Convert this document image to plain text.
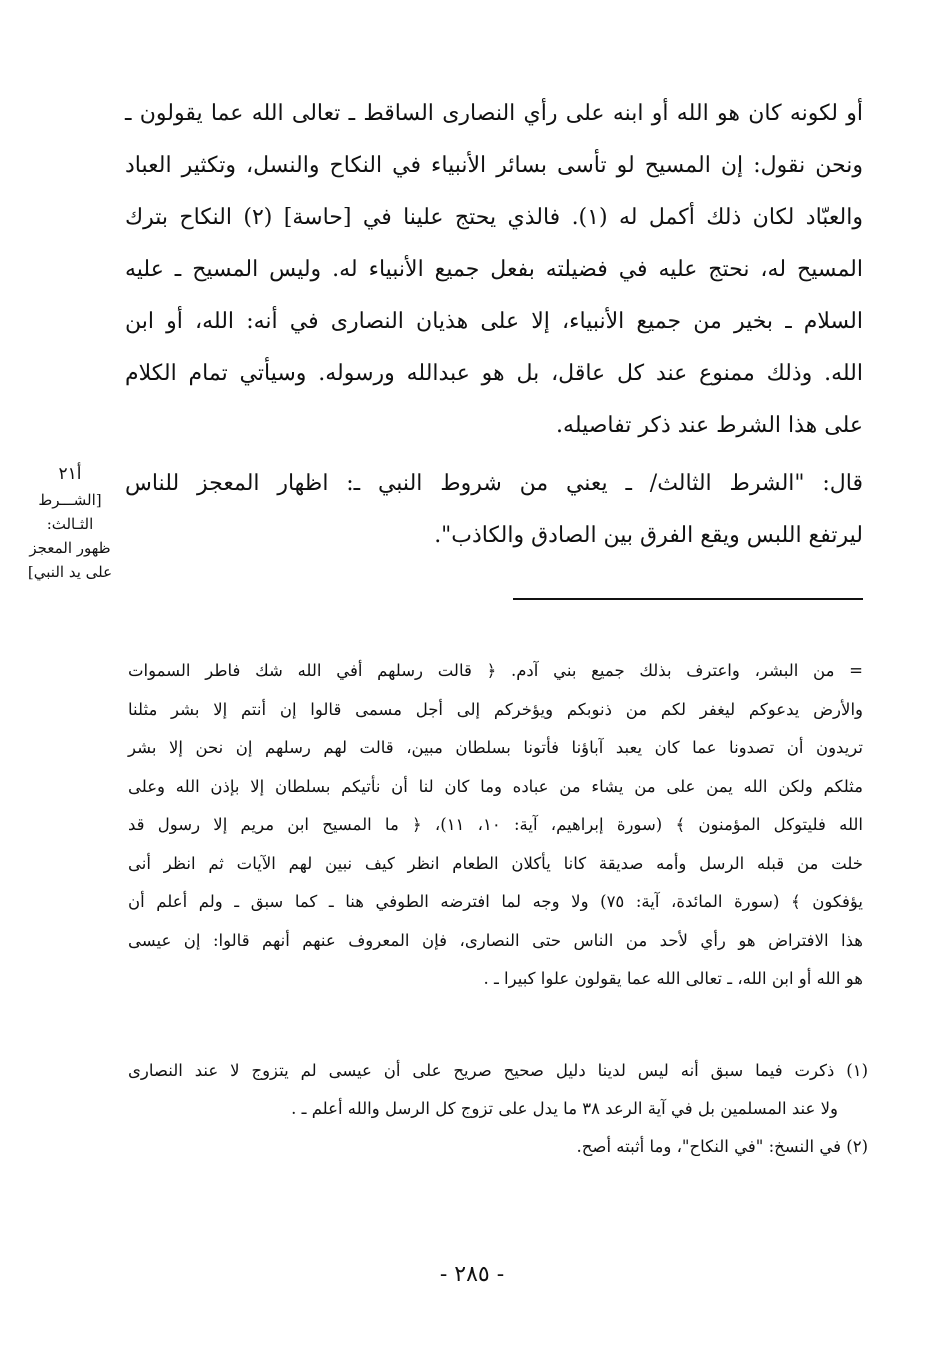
أو لكونه كان هو الله أو ابنه على رأي النصارى الساقط ـ تعالى الله عما يقولون ـ
ونحن نقول: إن المسيح لو تأسى بسائر الأنبياء في النكاح والنسل، وتكثير العباد
والعبّاد لكان ذلك أكمل له (١). فالذي يحتج علينا في [حاسة] (٢) النكاح بترك
المسيح له، نحتج عليه في فضيلته بفعل جميع الأنبياء له. وليس المسيح ـ عليه
السلام ـ بخير من جميع الأنبياء، إلا على هذيان النصارى في أنه: الله، أو ابن
الله. وذلك ممنوع عند كل عاقل، بل هو عبدالله ورسوله. وسيأتي تمام الكلام
على هذا الشرط عند ذكر تفاصيله.

قال: "الشرط الثالث/ ـ يعني من شروط النبي ـ: اظهار المعجز للناس
ليرتفع اللبس ويقع الفرق بين الصادق والكاذب".

أ٢١
[الشـــرط
الثـالث:
ظهور المعجز
على يد النبي]
= من البشر، واعترف بذلك جميع بني آدم. ﴿ قالت رسلهم أفي الله شك فاطر السموات
والأرض يدعوكم ليغفر لكم من ذنوبكم ويؤخركم إلى أجل مسمى قالوا إن أنتم إلا بشر مثلنا
تريدون أن تصدونا عما كان يعبد آباؤنا فأتونا بسلطان مبين، قالت لهم رسلهم إن نحن إلا بشر
مثلكم ولكن الله يمن على من يشاء من عباده وما كان لنا أن نأتيكم بسلطان إلا بإذن الله وعلى
الله فليتوكل المؤمنون ﴾ (سورة إبراهيم، آية: ١٠، ١١)، ﴿ ما المسيح ابن مريم إلا رسول قد
خلت من قبله الرسل وأمه صديقة كانا يأكلان الطعام انظر كيف نبين لهم الآيات ثم انظر أنى
يؤفكون ﴾ (سورة المائدة، آية: ٧٥) ولا وجه لما افترضه الطوفي هنا ـ كما سبق ـ ولم أعلم أن
هذا الافتراض هو رأي لأحد من الناس حتى النصارى، فإن المعروف عنهم أنهم قالوا: إن عيسى
هو الله أو ابن الله، ـ تعالى الله عما يقولون علوا كبيرا ـ .
(١) ذكرت فيما سبق أنه ليس لدينا دليل صحيح صريح على أن عيسى لم يتزوج لا عند النصارى
ولا عند المسلمين بل في آية الرعد ٣٨ ما يدل على تزوج كل الرسل والله أعلم ـ .
(٢) في النسخ: "في النكاح"، وما أثبته أصح.
- ٢٨٥ -
